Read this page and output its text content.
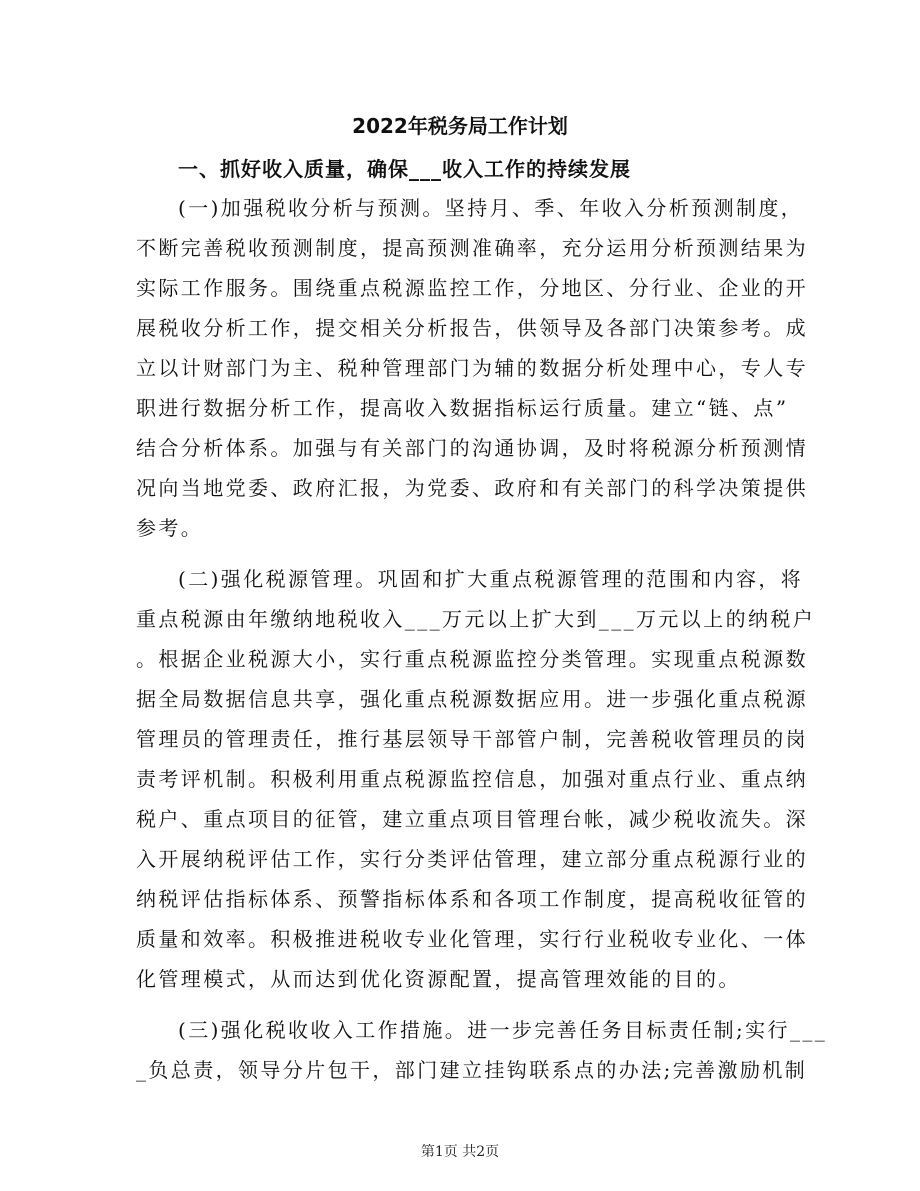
2022年税务局工作计划
一、抓好收入质量，确保___收入工作的持续发展
(一)加强税收分析与预测。坚持月、季、年收入分析预测制度，
不断完善税收预测制度，提高预测准确率，充分运用分析预测结果为
实际工作服务。围绕重点税源监控工作，分地区、分行业、企业的开
展税收分析工作，提交相关分析报告，供领导及各部门决策参考。成
立以计财部门为主、税种管理部门为辅的数据分析处理中心，专人专
职进行数据分析工作，提高收入数据指标运行质量。建立“链、点”
结合分析体系。加强与有关部门的沟通协调，及时将税源分析预测情
况向当地党委、政府汇报，为党委、政府和有关部门的科学决策提供
参考。
(二)强化税源管理。巩固和扩大重点税源管理的范围和内容，将
重点税源由年缴纳地税收入___万元以上扩大到___万元以上的纳税户
。根据企业税源大小，实行重点税源监控分类管理。实现重点税源数
据全局数据信息共享，强化重点税源数据应用。进一步强化重点税源
管理员的管理责任，推行基层领导干部管户制，完善税收管理员的岗
责考评机制。积极利用重点税源监控信息，加强对重点行业、重点纳
税户、重点项目的征管，建立重点项目管理台帐，减少税收流失。深
入开展纳税评估工作，实行分类评估管理，建立部分重点税源行业的
纳税评估指标体系、预警指标体系和各项工作制度，提高税收征管的
质量和效率。积极推进税收专业化管理，实行行业税收专业化、一体
化管理模式，从而达到优化资源配置，提高管理效能的目的。
(三)强化税收收入工作措施。进一步完善任务目标责任制;实行___
_负总责，领导分片包干，部门建立挂钩联系点的办法;完善激励机制
第1页 共2页
